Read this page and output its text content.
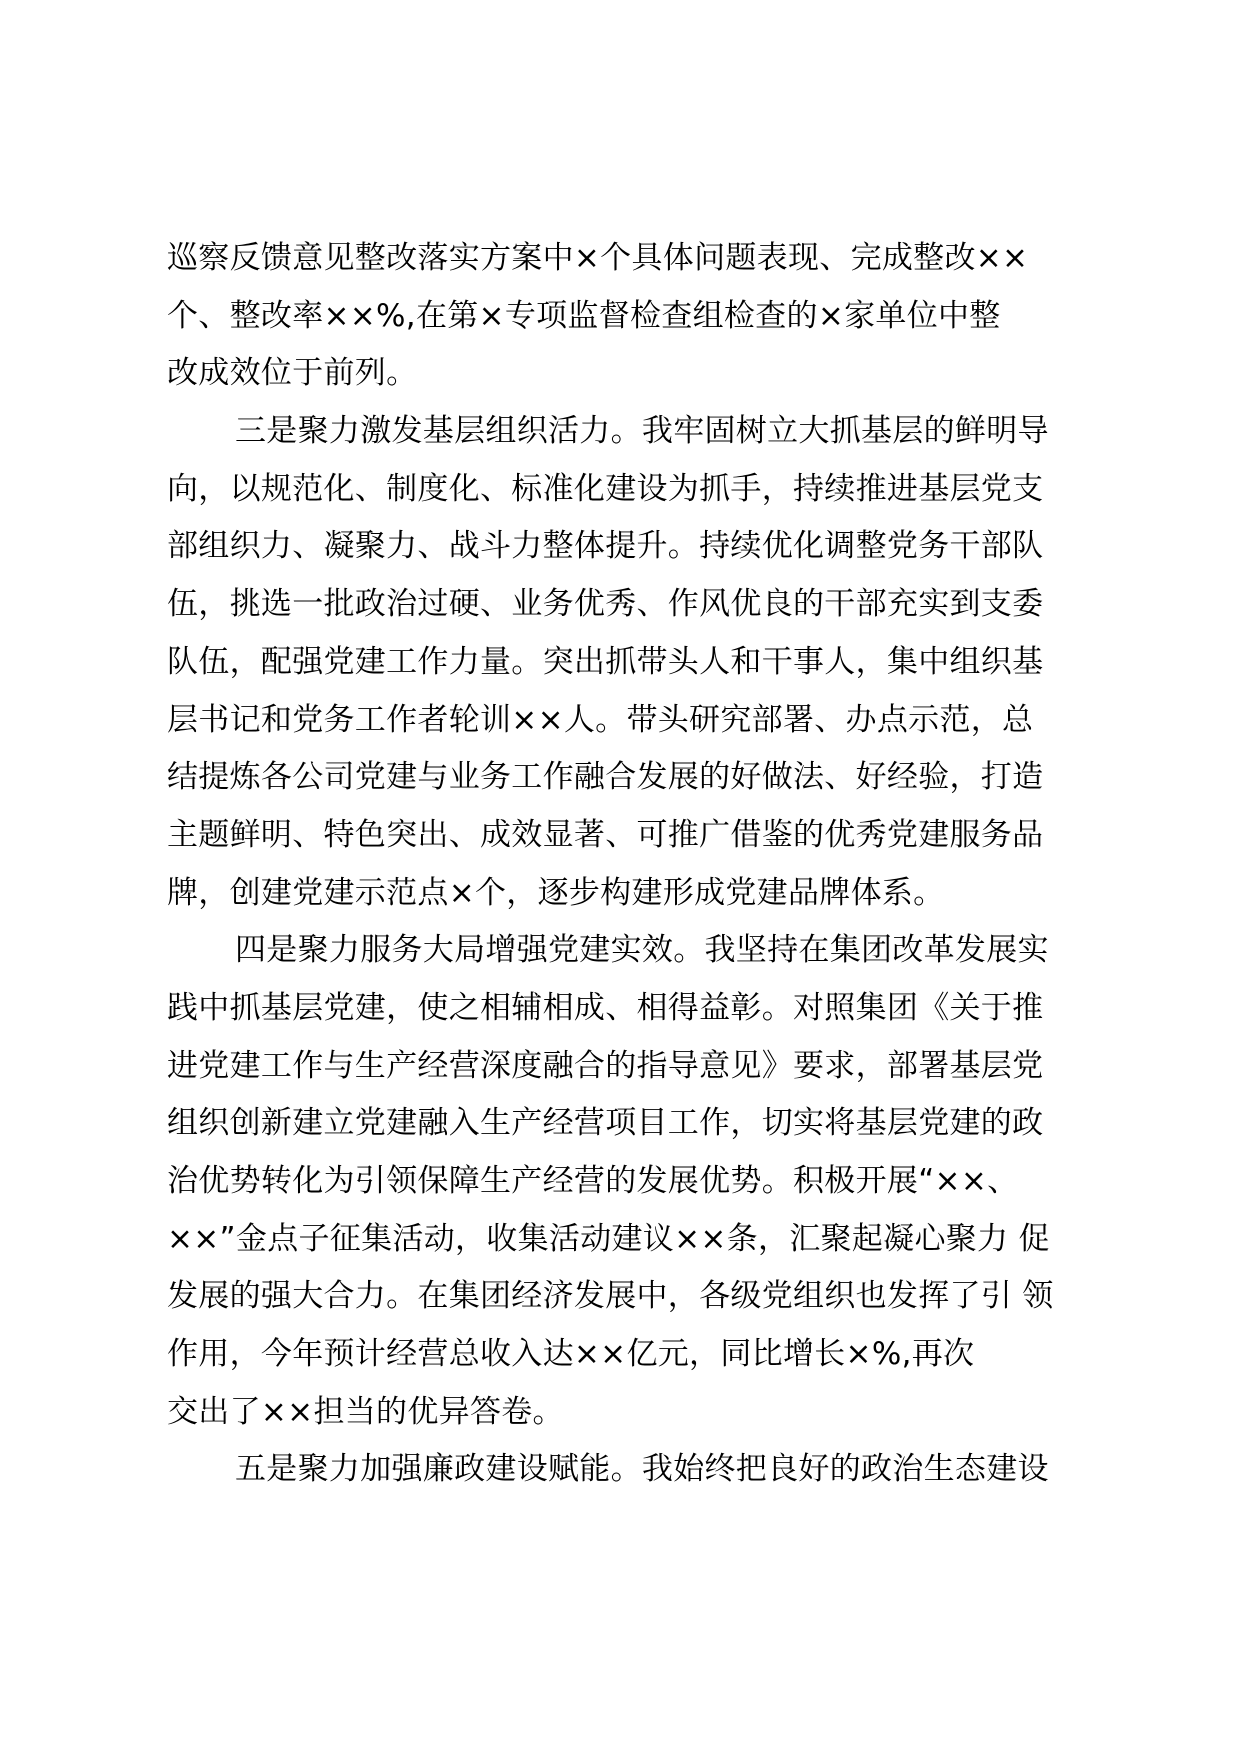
巡察反馈意见整改落实方案中×个具体问题表现、完成整改××
个、整改率××%,在第×专项监督检查组检查的×家单位中整
改成效位于前列。
三是聚力激发基层组织活力。我牢固树立大抓基层的鲜明导
向，以规范化、制度化、标准化建设为抓手，持续推进基层党支
部组织力、凝聚力、战斗力整体提升。持续优化调整党务干部队
伍，挑选一批政治过硬、业务优秀、作风优良的干部充实到支委
队伍，配强党建工作力量。突出抓带头人和干事人，集中组织基
层书记和党务工作者轮训××人。带头研究部署、办点示范，总
结提炼各公司党建与业务工作融合发展的好做法、好经验，打造
主题鲜明、特色突出、成效显著、可推广借鉴的优秀党建服务品
牌，创建党建示范点×个，逐步构建形成党建品牌体系。
四是聚力服务大局增强党建实效。我坚持在集团改革发展实
践中抓基层党建，使之相辅相成、相得益彰。对照集团《关于推
进党建工作与生产经营深度融合的指导意见》要求，部署基层党
组织创新建立党建融入生产经营项目工作，切实将基层党建的政
治优势转化为引领保障生产经营的发展优势。积极开展“××、
××”金点子征集活动，收集活动建议××条，汇聚起凝心聚力 促
发展的强大合力。在集团经济发展中，各级党组织也发挥了引 领
作用，今年预计经营总收入达××亿元，同比增长×%,再次
交出了××担当的优异答卷。
五是聚力加强廉政建设赋能。我始终把良好的政治生态建设
